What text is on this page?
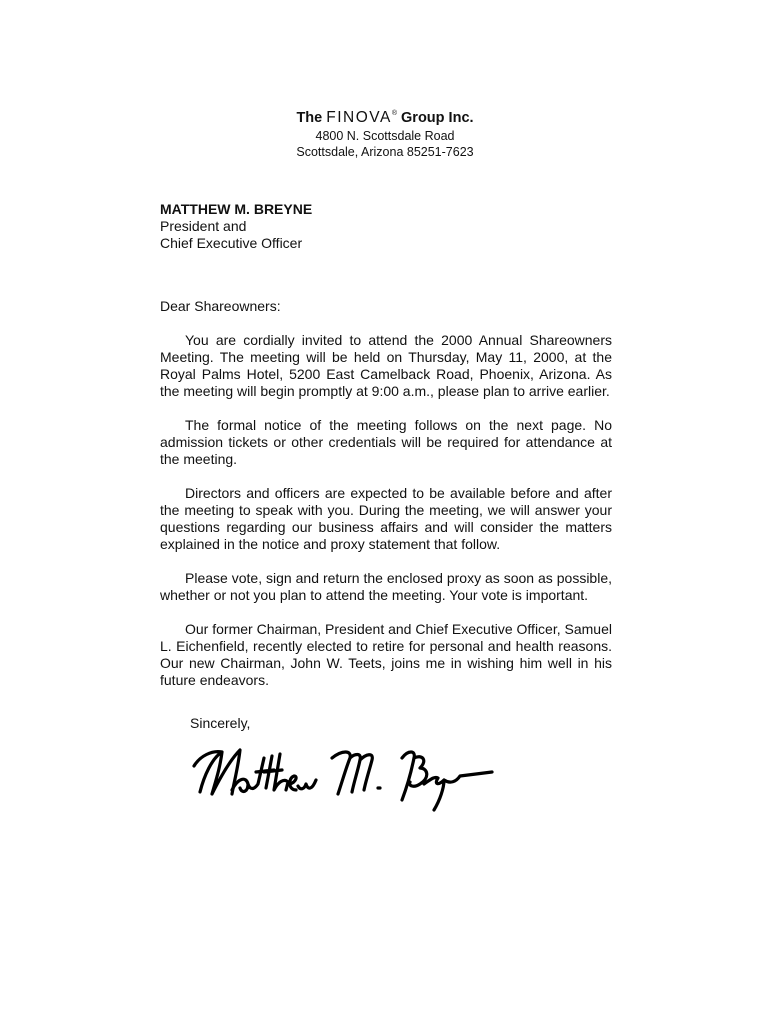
The FINOVA® Group Inc.
4800 N. Scottsdale Road
Scottsdale, Arizona 85251-7623
MATTHEW M. BREYNE
President and
Chief Executive Officer
Dear Shareowners:
You are cordially invited to attend the 2000 Annual Shareowners Meeting. The meeting will be held on Thursday, May 11, 2000, at the Royal Palms Hotel, 5200 East Camelback Road, Phoenix, Arizona. As the meeting will begin promptly at 9:00 a.m., please plan to arrive earlier.
The formal notice of the meeting follows on the next page. No admission tickets or other credentials will be required for attendance at the meeting.
Directors and officers are expected to be available before and after the meeting to speak with you. During the meeting, we will answer your questions regarding our business affairs and will consider the matters explained in the notice and proxy statement that follow.
Please vote, sign and return the enclosed proxy as soon as possible, whether or not you plan to attend the meeting. Your vote is important.
Our former Chairman, President and Chief Executive Officer, Samuel L. Eichenfield, recently elected to retire for personal and health reasons. Our new Chairman, John W. Teets, joins me in wishing him well in his future endeavors.
Sincerely,
